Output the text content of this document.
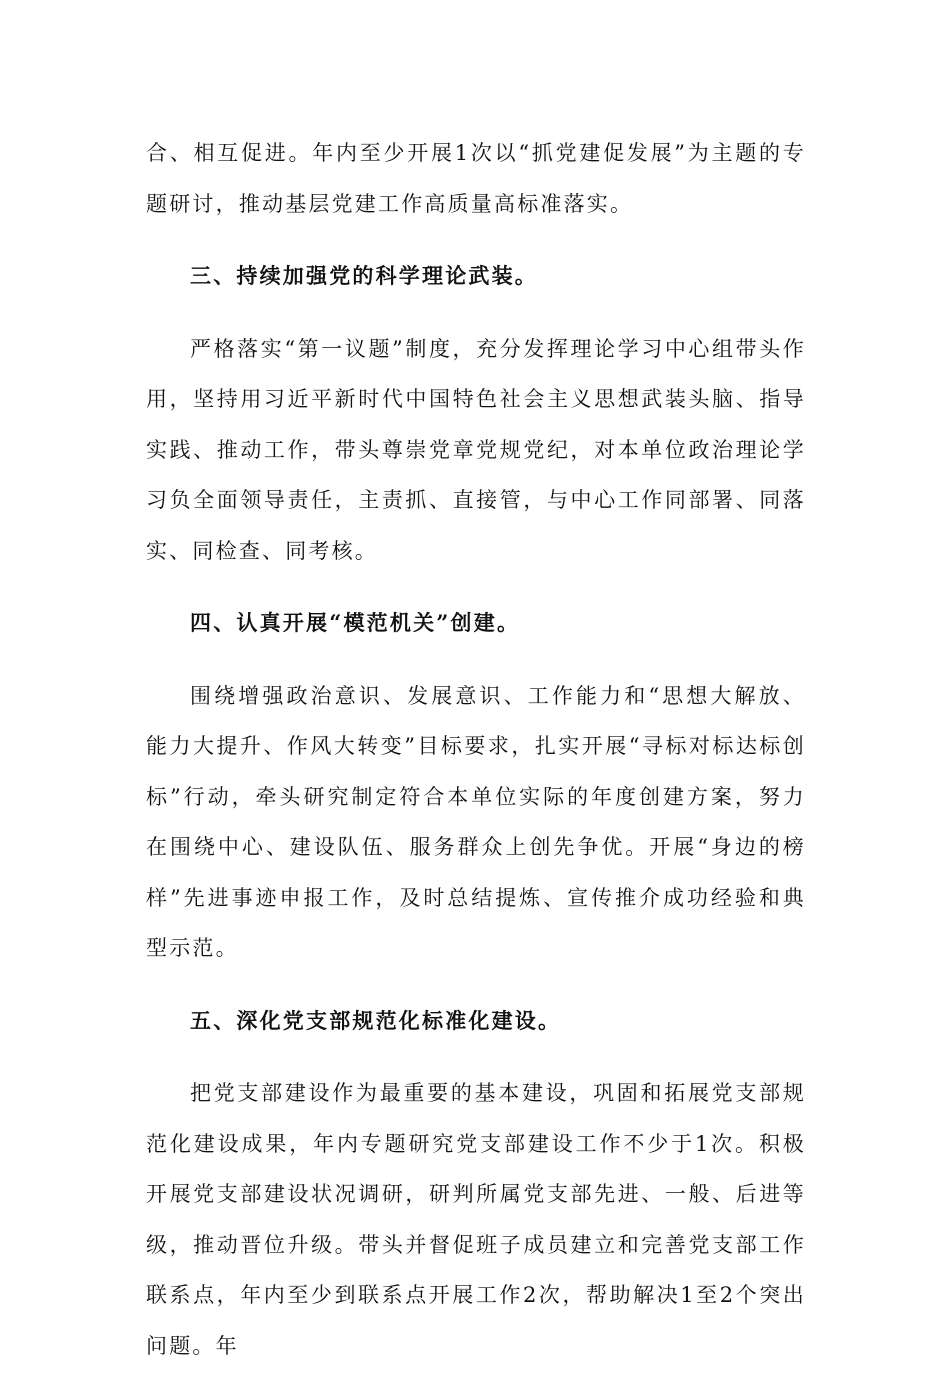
合、相互促进。年内至少开展1次以“抓党建促发展”为主题的专题研讨，推动基层党建工作高质量高标准落实。

三、持续加强党的科学理论武装。

严格落实“第一议题”制度，充分发挥理论学习中心组带头作用，坚持用习近平新时代中国特色社会主义思想武装头脑、指导实践、推动工作，带头尊崇党章党规党纪，对本单位政治理论学习负全面领导责任，主责抓、直接管，与中心工作同部署、同落实、同检查、同考核。

四、认真开展“模范机关”创建。

围绕增强政治意识、发展意识、工作能力和“思想大解放、能力大提升、作风大转变”目标要求，扎实开展“寻标对标达标创标”行动，牵头研究制定符合本单位实际的年度创建方案，努力在围绕中心、建设队伍、服务群众上创先争优。开展“身边的榜样”先进事迹申报工作，及时总结提炼、宣传推介成功经验和典型示范。

五、深化党支部规范化标准化建设。

把党支部建设作为最重要的基本建设，巩固和拓展党支部规范化建设成果，年内专题研究党支部建设工作不少于1次。积极开展党支部建设状况调研，研判所属党支部先进、一般、后进等级，推动晋位升级。带头并督促班子成员建立和完善党支部工作联系点，年内至少到联系点开展工作2次，帮助解决1至2个突出问题。年
